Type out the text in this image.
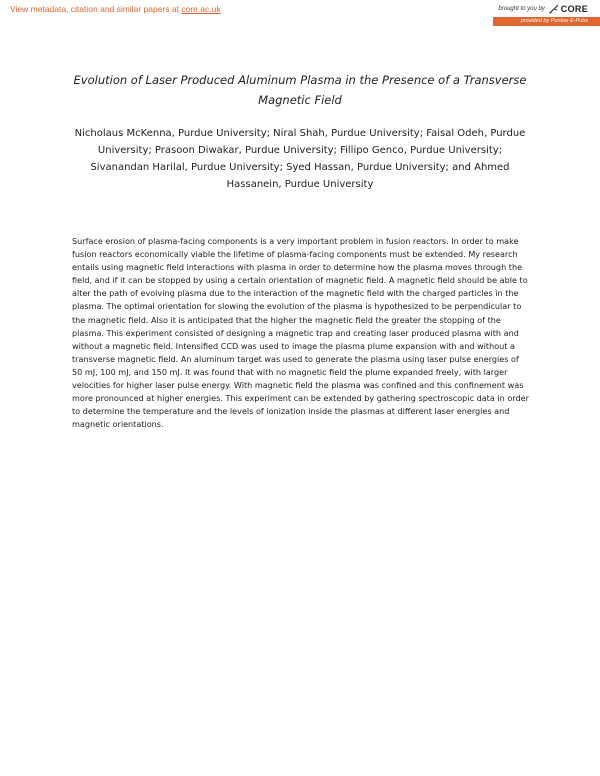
View metadata, citation and similar papers at core.ac.uk	brought to you by CORE
provided by Purdue E-Pubs
Evolution of Laser Produced Aluminum Plasma in the Presence of a Transverse Magnetic Field
Nicholaus McKenna, Purdue University; Niral Shah, Purdue University; Faisal Odeh, Purdue University; Prasoon Diwakar, Purdue University; Fillipo Genco, Purdue University; Sivanandan Harilal, Purdue University; Syed Hassan, Purdue University; and Ahmed Hassanein, Purdue University
Surface erosion of plasma-facing components is a very important problem in fusion reactors. In order to make fusion reactors economically viable the lifetime of plasma-facing components must be extended. My research entails using magnetic field interactions with plasma in order to determine how the plasma moves through the field, and if it can be stopped by using a certain orientation of magnetic field. A magnetic field should be able to alter the path of evolving plasma due to the interaction of the magnetic field with the charged particles in the plasma. The optimal orientation for slowing the evolution of the plasma is hypothesized to be perpendicular to the magnetic field. Also it is anticipated that the higher the magnetic field the greater the stopping of the plasma. This experiment consisted of designing a magnetic trap and creating laser produced plasma with and without a magnetic field. Intensified CCD was used to image the plasma plume expansion with and without a transverse magnetic field. An aluminum target was used to generate the plasma using laser pulse energies of 50 mJ, 100 mJ, and 150 mJ. It was found that with no magnetic field the plume expanded freely, with larger velocities for higher laser pulse energy. With magnetic field the plasma was confined and this confinement was more pronounced at higher energies. This experiment can be extended by gathering spectroscopic data in order to determine the temperature and the levels of ionization inside the plasmas at different laser energies and magnetic orientations.
